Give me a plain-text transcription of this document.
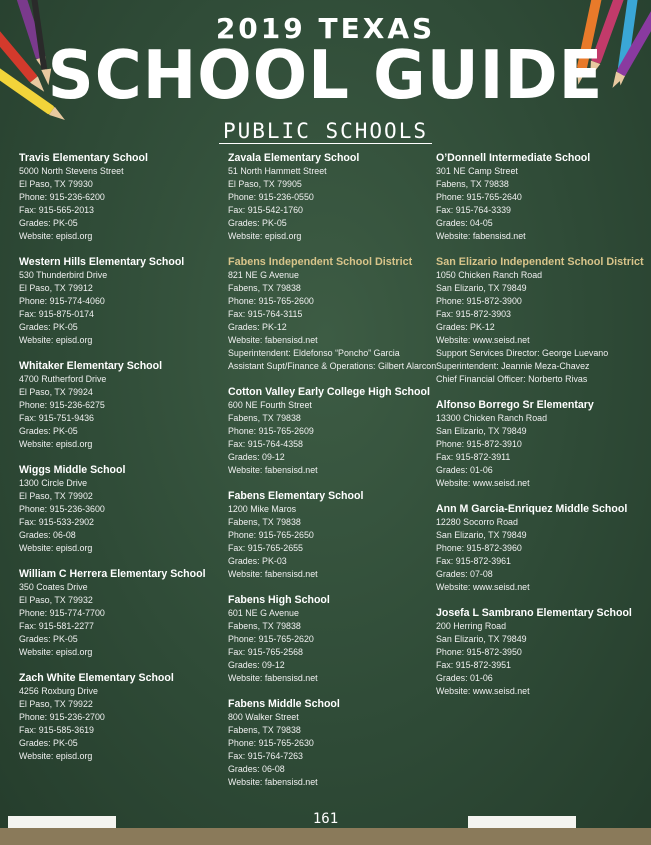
2019 TEXAS
SCHOOL GUIDE
PUBLIC SCHOOLS
Travis Elementary School
5000 North Stevens Street
El Paso, TX 79930
Phone: 915-236-6200
Fax: 915-565-2013
Grades: PK-05
Website: episd.org
Western Hills Elementary School
530 Thunderbird Drive
El Paso, TX 79912
Phone: 915-774-4060
Fax: 915-875-0174
Grades: PK-05
Website: episd.org
Whitaker Elementary School
4700 Rutherford Drive
El Paso, TX 79924
Phone: 915-236-6275
Fax: 915-751-9436
Grades: PK-05
Website: episd.org
Wiggs Middle School
1300 Circle Drive
El Paso, TX 79902
Phone: 915-236-3600
Fax: 915-533-2902
Grades: 06-08
Website: episd.org
William C Herrera Elementary School
350 Coates Drive
El Paso, TX 79932
Phone: 915-774-7700
Fax: 915-581-2277
Grades: PK-05
Website: episd.org
Zach White Elementary School
4256 Roxburg Drive
El Paso, TX 79922
Phone: 915-236-2700
Fax: 915-585-3619
Grades: PK-05
Website: episd.org
Zavala Elementary School
51 North Hammett Street
El Paso, TX 79905
Phone: 915-236-0550
Fax: 915-542-1760
Grades: PK-05
Website: episd.org
Fabens Independent School District
821 NE G Avenue
Fabens, TX 79838
Phone: 915-765-2600
Fax: 915-764-3115
Grades: PK-12
Website: fabensisd.net
Superintendent: Eldefonso “Poncho” Garcia
Assistant Supt/Finance & Operations: Gilbert Alarcon
Cotton Valley Early College High School
600 NE Fourth Street
Fabens, TX 79838
Phone: 915-765-2609
Fax: 915-764-4358
Grades: 09-12
Website: fabensisd.net
Fabens Elementary School
1200 Mike Maros
Fabens, TX 79838
Phone: 915-765-2650
Fax: 915-765-2655
Grades: PK-03
Website: fabensisd.net
Fabens High School
601 NE G Avenue
Fabens, TX 79838
Phone: 915-765-2620
Fax: 915-765-2568
Grades: 09-12
Website: fabensisd.net
Fabens Middle School
800 Walker Street
Fabens, TX 79838
Phone: 915-765-2630
Fax: 915-764-7263
Grades: 06-08
Website: fabensisd.net
O’Donnell Intermediate School
301 NE Camp Street
Fabens, TX 79838
Phone: 915-765-2640
Fax: 915-764-3339
Grades: 04-05
Website: fabensisd.net
San Elizario Independent School District
1050 Chicken Ranch Road
San Elizario, TX 79849
Phone: 915-872-3900
Fax: 915-872-3903
Grades: PK-12
Website: www.seisd.net
Support Services Director: George Luevano
Superintendent: Jeannie Meza-Chavez
Chief Financial Officer: Norberto Rivas
Alfonso Borrego Sr Elementary
13300 Chicken Ranch Road
San Elizario, TX 79849
Phone: 915-872-3910
Fax: 915-872-3911
Grades: 01-06
Website: www.seisd.net
Ann M Garcia-Enriquez Middle School
12280 Socorro Road
San Elizario, TX 79849
Phone: 915-872-3960
Fax: 915-872-3961
Grades: 07-08
Website: www.seisd.net
Josefa L Sambrano Elementary School
200 Herring Road
San Elizario, TX 79849
Phone: 915-872-3950
Fax: 915-872-3951
Grades: 01-06
Website: www.seisd.net
161
